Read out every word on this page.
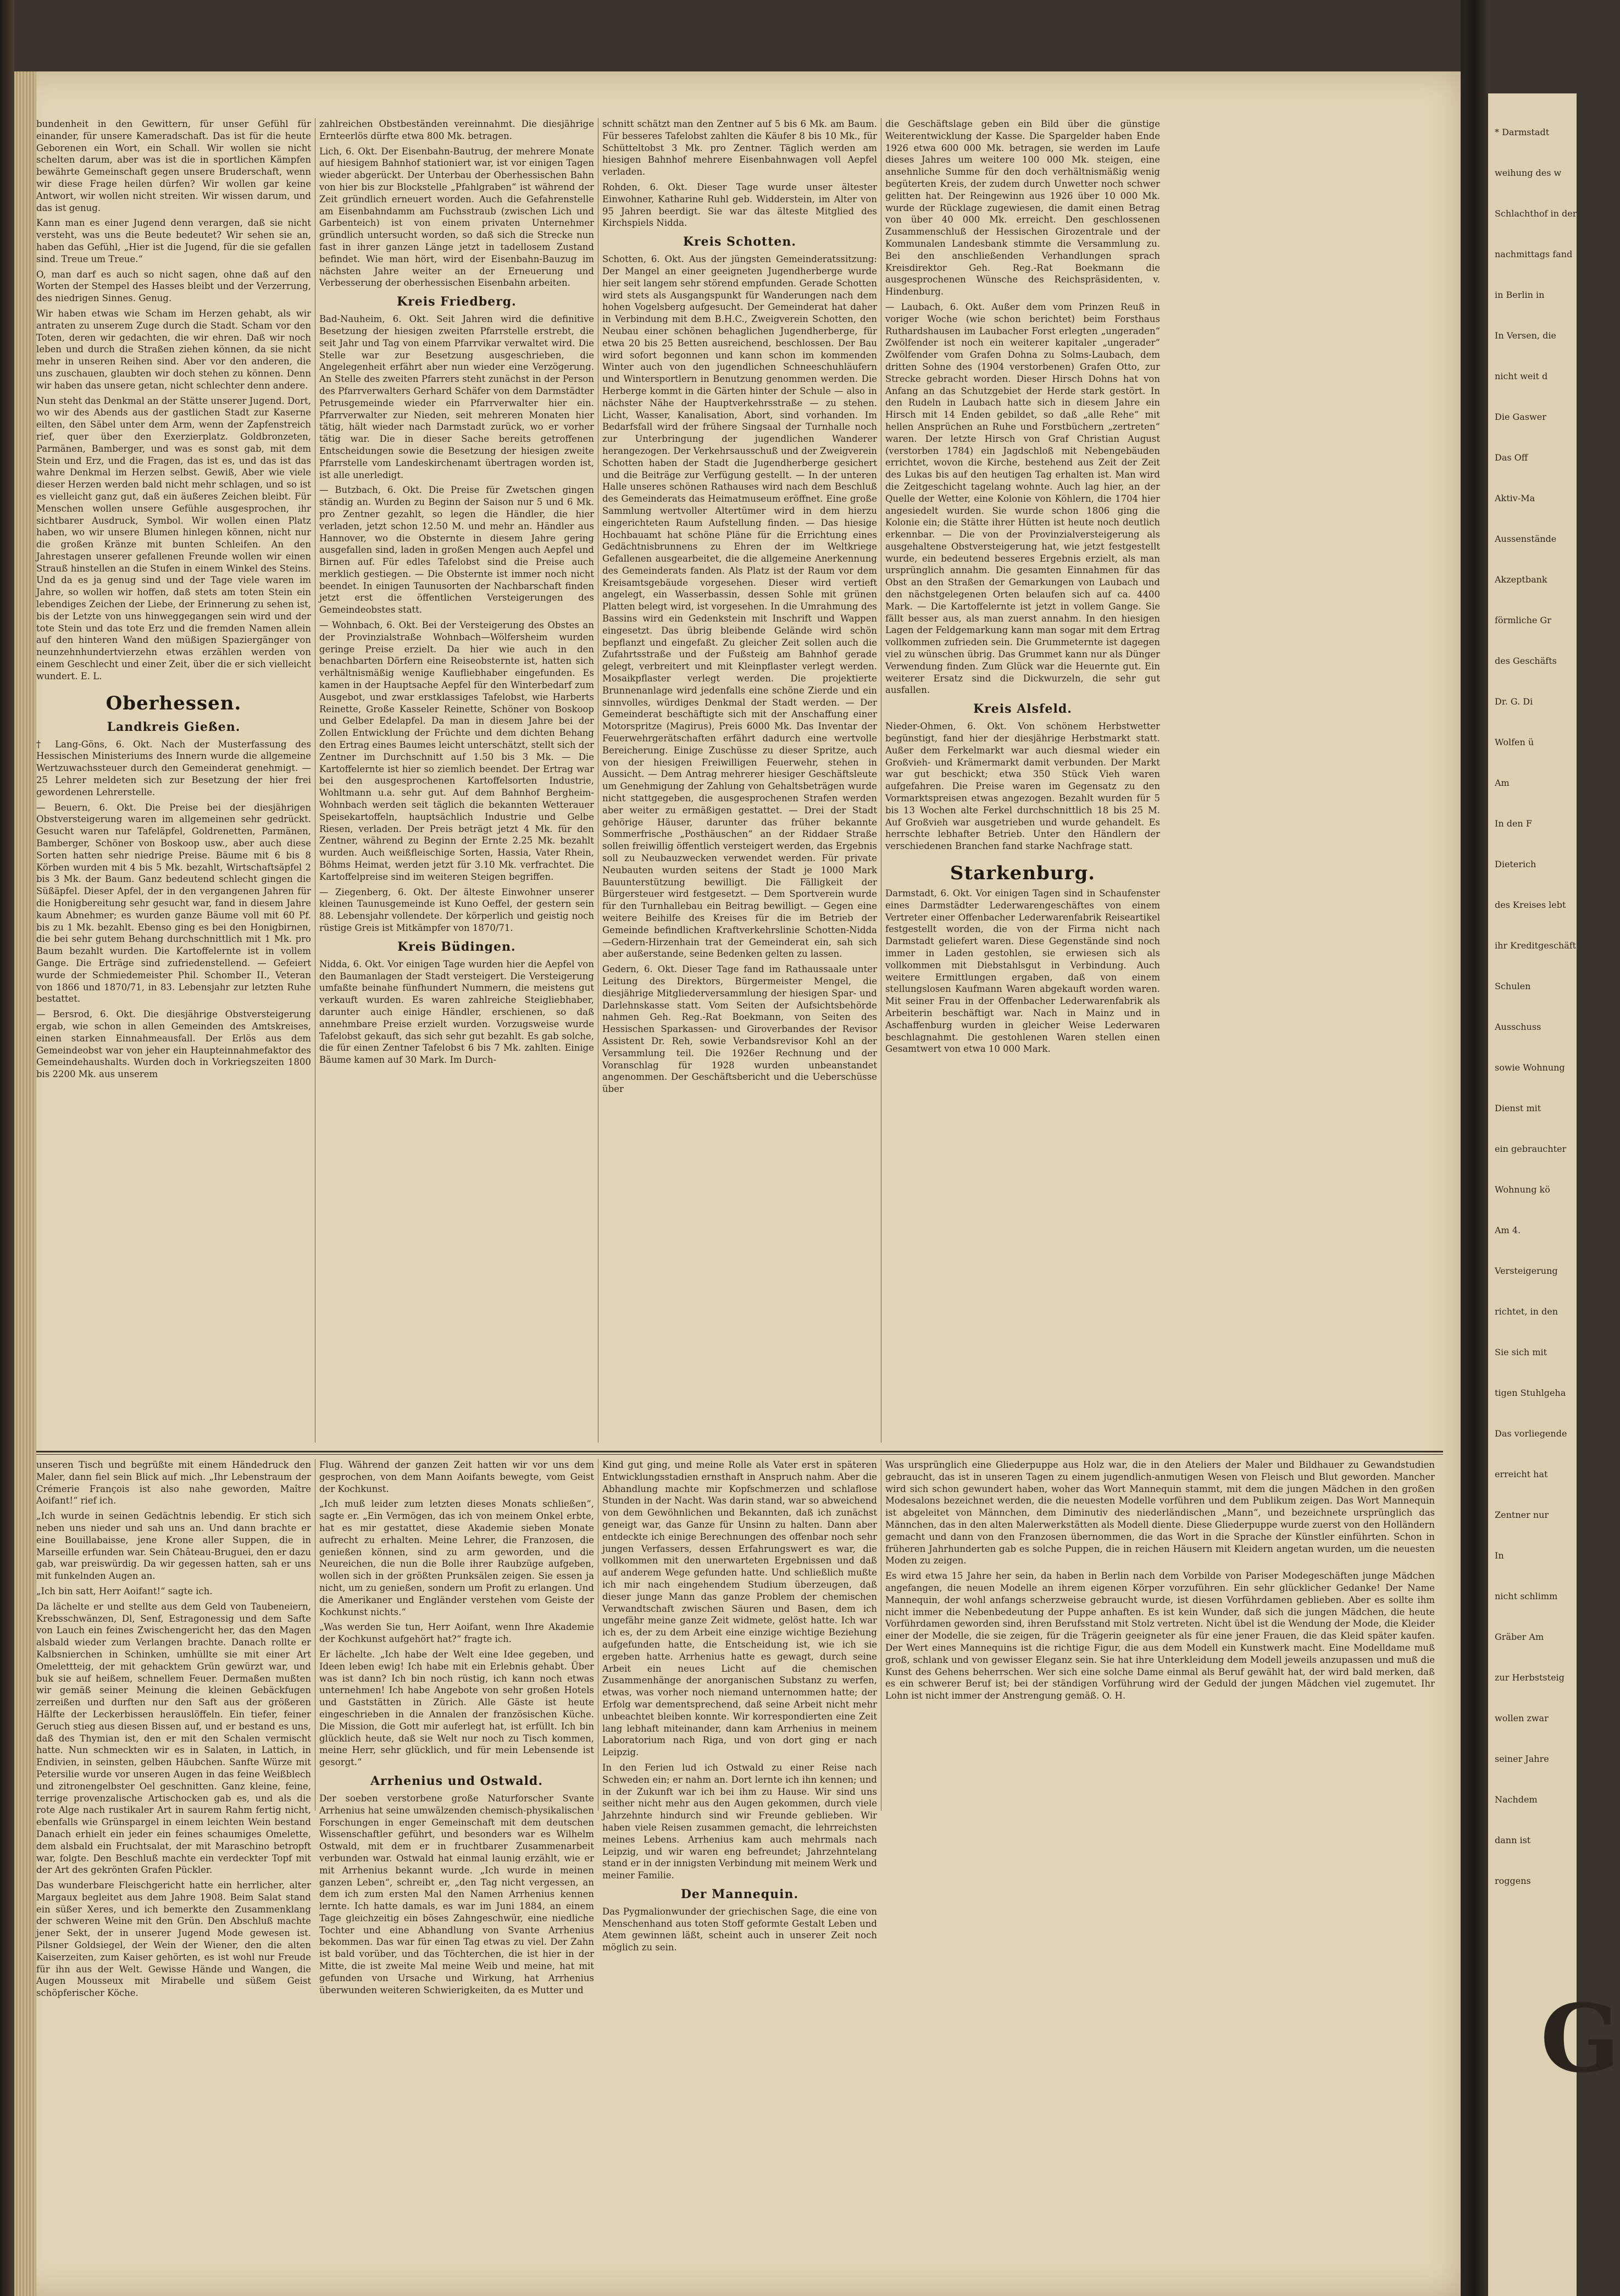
* Darmstadt
weihung des w
Schlachthof in der
nachmittags fand
in Berlin in
In Versen, die
nicht weit d
Die Gaswer
Das Off
Aktiv-Ma
Aussenstände
Akzeptbank
förmliche Gr
des Geschäfts
Dr. G. Di
Wolfen ü
Am
In den F
Dieterich
des Kreises lebt
ihr Kreditgeschäft
Schulen
Ausschuss
sowie Wohnung
Dienst mit
ein gebrauchter
Wohnung kö
Am 4.
Versteigerung
richtet, in den
Sie sich mit
tigen Stuhlgeha
Das vorliegende
erreicht hat
Zentner nur
In
nicht schlimm
Gräber Am
zur Herbststeig
wollen zwar
seiner Jahre
Nachdem
dann ist
roggens
G

bundenheit in den Gewittern, für unser Gefühl für einander, für unsere Kameradschaft. Das ist für die heute Geborenen ein Wort, ein Schall. Wir wollen sie nicht schelten darum, aber was ist die in sportlichen Kämpfen bewährte Gemeinschaft gegen unsere Bruderschaft, wenn wir diese Frage heilen dürfen? Wir wollen gar keine Antwort, wir wollen nicht streiten. Wir wissen darum, und das ist genug.

Kann man es einer Jugend denn verargen, daß sie nicht versteht, was uns die Beute bedeutet? Wir sehen sie an, haben das Gefühl, „Hier ist die Jugend, für die sie gefallen sind. Treue um Treue.“

O, man darf es auch so nicht sagen, ohne daß auf den Worten der Stempel des Hasses bleibt und der Verzerrung, des niedrigen Sinnes. Genug.

Wir haben etwas wie Scham im Herzen gehabt, als wir antraten zu unserem Zuge durch die Stadt. Scham vor den Toten, deren wir gedachten, die wir ehren. Daß wir noch leben und durch die Straßen ziehen können, da sie nicht mehr in unseren Reihen sind. Aber vor den anderen, die uns zuschauen, glaubten wir doch stehen zu können. Denn wir haben das unsere getan, nicht schlechter denn andere.

Nun steht das Denkmal an der Stätte unserer Jugend. Dort, wo wir des Abends aus der gastlichen Stadt zur Kaserne eilten, den Säbel unter dem Arm, wenn der Zapfenstreich rief, quer über den Exerzierplatz. Goldbronzeten, Parmänen, Bamberger, und was es sonst gab, mit dem Stein und Erz, und die Fragen, das ist es, und das ist das wahre Denkmal im Herzen selbst. Gewiß, Aber wie viele dieser Herzen werden bald nicht mehr schlagen, und so ist es vielleicht ganz gut, daß ein äußeres Zeichen bleibt. Für Menschen wollen unsere Gefühle ausgesprochen, ihr sichtbarer Ausdruck, Symbol. Wir wollen einen Platz haben, wo wir unsere Blumen hinlegen können, nicht nur die großen Kränze mit bunten Schleifen. An den Jahrestagen unserer gefallenen Freunde wollen wir einen Strauß hinstellen an die Stufen in einem Winkel des Steins. Und da es ja genug sind und der Tage viele waren im Jahre, so wollen wir hoffen, daß stets am toten Stein ein lebendiges Zeichen der Liebe, der Erinnerung zu sehen ist, bis der Letzte von uns hinweggegangen sein wird und der tote Stein und das tote Erz und die fremden Namen allein auf den hinteren Wand den müßigen Spaziergänger von neunzehnhundertvierzehn etwas erzählen werden von einem Geschlecht und einer Zeit, über die er sich vielleicht wundert. E. L.

Oberhessen.
Landkreis Gießen.

† Lang-Göns, 6. Okt. Nach der Musterfassung des Hessischen Ministeriums des Innern wurde die allgemeine Wertzuwachssteuer durch den Gemeinderat genehmigt. — 25 Lehrer meldeten sich zur Besetzung der hier frei gewordenen Lehrerstelle.

— Beuern, 6. Okt. Die Preise bei der diesjährigen Obstversteigerung waren im allgemeinen sehr gedrückt. Gesucht waren nur Tafeläpfel, Goldrenetten, Parmänen, Bamberger, Schöner von Boskoop usw., aber auch diese Sorten hatten sehr niedrige Preise. Bäume mit 6 bis 8 Körben wurden mit 4 bis 5 Mk. bezahlt, Wirtschaftsäpfel 2 bis 3 Mk. der Baum. Ganz bedeutend schlecht gingen die Süßäpfel. Dieser Apfel, der in den vergangenen Jahren für die Honigbereitung sehr gesucht war, fand in diesem Jahre kaum Abnehmer; es wurden ganze Bäume voll mit 60 Pf. bis zu 1 Mk. bezahlt. Ebenso ging es bei den Honigbirnen, die bei sehr gutem Behang durchschnittlich mit 1 Mk. pro Baum bezahlt wurden. Die Kartoffelernte ist in vollem Gange. Die Erträge sind zufriedenstellend. — Gefeiert wurde der Schmiedemeister Phil. Schomber II., Veteran von 1866 und 1870/71, in 83. Lebensjahr zur letzten Ruhe bestattet.

— Bersrod, 6. Okt. Die diesjährige Obstversteigerung ergab, wie schon in allen Gemeinden des Amtskreises, einen starken Einnahmeausfall. Der Erlös aus dem Gemeindeobst war von jeher ein Haupteinnahmefaktor des Gemeindehaushalts. Wurden doch in Vorkriegszeiten 1800 bis 2200 Mk. aus unserem

zahlreichen Obstbeständen vereinnahmt. Die diesjährige Ernteerlös dürfte etwa 800 Mk. betragen.

Lich, 6. Okt. Der Eisenbahn-Bautrug, der mehrere Monate auf hiesigem Bahnhof stationiert war, ist vor einigen Tagen wieder abgerückt. Der Unterbau der Oberhessischen Bahn von hier bis zur Blockstelle „Pfahlgraben“ ist während der Zeit gründlich erneuert worden. Auch die Gefahrenstelle am Eisenbahndamm am Fuchsstraub (zwischen Lich und Garbenteich) ist von einem privaten Unternehmer gründlich untersucht worden, so daß sich die Strecke nun fast in ihrer ganzen Länge jetzt in tadellosem Zustand befindet. Wie man hört, wird der Eisenbahn-Bauzug im nächsten Jahre weiter an der Erneuerung und Verbesserung der oberhessischen Eisenbahn arbeiten.

Kreis Friedberg.

Bad-Nauheim, 6. Okt. Seit Jahren wird die definitive Besetzung der hiesigen zweiten Pfarrstelle erstrebt, die seit Jahr und Tag von einem Pfarrvikar verwaltet wird. Die Stelle war zur Besetzung ausgeschrieben, die Angelegenheit erfährt aber nun wieder eine Verzögerung. An Stelle des zweiten Pfarrers steht zunächst in der Person des Pfarrverwalters Gerhard Schäfer von dem Darmstädter Petrusgemeinde wieder ein Pfarrverwalter hier ein. Pfarrverwalter zur Nieden, seit mehreren Monaten hier tätig, hält wieder nach Darmstadt zurück, wo er vorher tätig war. Die in dieser Sache bereits getroffenen Entscheidungen sowie die Besetzung der hiesigen zweite Pfarrstelle vom Landeskirchenamt übertragen worden ist, ist alle unerledigt.

— Butzbach, 6. Okt. Die Preise für Zwetschen gingen ständig an. Wurden zu Beginn der Saison nur 5 und 6 Mk. pro Zentner gezahlt, so legen die Händler, die hier verladen, jetzt schon 12.50 M. und mehr an. Händler aus Hannover, wo die Obsternte in diesem Jahre gering ausgefallen sind, laden in großen Mengen auch Aepfel und Birnen auf. Für edles Tafelobst sind die Preise auch merklich gestiegen. — Die Obsternte ist immer noch nicht beendet. In einigen Taunusorten der Nachbarschaft finden jetzt erst die öffentlichen Versteigerungen des Gemeindeobstes statt.

— Wohnbach, 6. Okt. Bei der Versteigerung des Obstes an der Provinzialstraße Wohnbach—Wölfersheim wurden geringe Preise erzielt. Da hier wie auch in den benachbarten Dörfern eine Reiseobsternte ist, hatten sich verhältnismäßig wenige Kaufliebhaber eingefunden. Es kamen in der Hauptsache Aepfel für den Winterbedarf zum Ausgebot, und zwar erstklassiges Tafelobst, wie Harberts Reinette, Große Kasseler Reinette, Schöner von Boskoop und Gelber Edelapfel. Da man in diesem Jahre bei der Zollen Entwicklung der Früchte und dem dichten Behang den Ertrag eines Baumes leicht unterschätzt, stellt sich der Zentner im Durchschnitt auf 1.50 bis 3 Mk. — Die Kartoffelernte ist hier so ziemlich beendet. Der Ertrag war bei den ausgesprochenen Kartoffelsorten Industrie, Wohltmann u.a. sehr gut. Auf dem Bahnhof Bergheim-Wohnbach werden seit täglich die bekannten Wetterauer Speisekartoffeln, hauptsächlich Industrie und Gelbe Riesen, verladen. Der Preis beträgt jetzt 4 Mk. für den Zentner, während zu Beginn der Ernte 2.25 Mk. bezahlt wurden. Auch weißfleischige Sorten, Hassia, Vater Rhein, Böhms Heimat, werden jetzt für 3.10 Mk. verfrachtet. Die Kartoffelpreise sind im weiteren Steigen begriffen.

— Ziegenberg, 6. Okt. Der älteste Einwohner unserer kleinen Taunusgemeinde ist Kuno Oeffel, der gestern sein 88. Lebensjahr vollendete. Der körperlich und geistig noch rüstige Greis ist Mitkämpfer von 1870/71.

Kreis Büdingen.

Nidda, 6. Okt. Vor einigen Tage wurden hier die Aepfel von den Baumanlagen der Stadt versteigert. Die Versteigerung umfaßte beinahe fünfhundert Nummern, die meistens gut verkauft wurden. Es waren zahlreiche Steigliebhaber, darunter auch einige Händler, erschienen, so daß annehmbare Preise erzielt wurden. Vorzugsweise wurde Tafelobst gekauft, das sich sehr gut bezahlt. Es gab solche, die für einen Zentner Tafelobst 6 bis 7 Mk. zahlten. Einige Bäume kamen auf 30 Mark. Im Durch-

schnitt schätzt man den Zentner auf 5 bis 6 Mk. am Baum. Für besseres Tafelobst zahlten die Käufer 8 bis 10 Mk., für Schütteltobst 3 Mk. pro Zentner. Täglich werden am hiesigen Bahnhof mehrere Eisenbahnwagen voll Aepfel verladen.

Rohden, 6. Okt. Dieser Tage wurde unser ältester Einwohner, Katharine Ruhl geb. Widderstein, im Alter von 95 Jahren beerdigt. Sie war das älteste Mitglied des Kirchspiels Nidda.

Kreis Schotten.

Schotten, 6. Okt. Aus der jüngsten Gemeinderatssitzung: Der Mangel an einer geeigneten Jugendherberge wurde hier seit langem sehr störend empfunden. Gerade Schotten wird stets als Ausgangspunkt für Wanderungen nach dem hohen Vogelsberg aufgesucht. Der Gemeinderat hat daher in Verbindung mit dem B.H.C., Zweigverein Schotten, den Neubau einer schönen behaglichen Jugendherberge, für etwa 20 bis 25 Betten ausreichend, beschlossen. Der Bau wird sofort begonnen und kann schon im kommenden Winter auch von den jugendlichen Schneeschuhläufern und Wintersportlern in Benutzung genommen werden. Die Herberge kommt in die Gärten hinter der Schule — also in nächster Nähe der Hauptverkehrsstraße — zu stehen. Licht, Wasser, Kanalisation, Abort, sind vorhanden. Im Bedarfsfall wird der frühere Singsaal der Turnhalle noch zur Unterbringung der jugendlichen Wanderer herangezogen. Der Verkehrsausschuß und der Zweigverein Schotten haben der Stadt die Jugendherberge gesichert und die Beiträge zur Verfügung gestellt. — In der unteren Halle unseres schönen Rathauses wird nach dem Beschluß des Gemeinderats das Heimatmuseum eröffnet. Eine große Sammlung wertvoller Altertümer wird in dem hierzu eingerichteten Raum Aufstellung finden. — Das hiesige Hochbauamt hat schöne Pläne für die Errichtung eines Gedächtnisbrunnens zu Ehren der im Weltkriege Gefallenen ausgearbeitet, die die allgemeine Anerkennung des Gemeinderats fanden. Als Platz ist der Raum vor dem Kreisamtsgebäude vorgesehen. Dieser wird vertieft angelegt, ein Wasserbassin, dessen Sohle mit grünen Platten belegt wird, ist vorgesehen. In die Umrahmung des Bassins wird ein Gedenkstein mit Inschrift und Wappen eingesetzt. Das übrig bleibende Gelände wird schön bepflanzt und eingefaßt. Zu gleicher Zeit sollen auch die Zufahrtsstraße und der Fußsteig am Bahnhof gerade gelegt, verbreitert und mit Kleinpflaster verlegt werden. Mosaikpflaster verlegt werden. Die projektierte Brunnenanlage wird jedenfalls eine schöne Zierde und ein sinnvolles, würdiges Denkmal der Stadt werden. — Der Gemeinderat beschäftigte sich mit der Anschaffung einer Motorspritze (Magirus), Preis 6000 Mk. Das Inventar der Feuerwehrgerätschaften erfährt dadurch eine wertvolle Bereicherung. Einige Zuschüsse zu dieser Spritze, auch von der hiesigen Freiwilligen Feuerwehr, stehen in Aussicht. — Dem Antrag mehrerer hiesiger Geschäftsleute um Genehmigung der Zahlung von Gehaltsbeträgen wurde nicht stattgegeben, die ausgesprochenen Strafen werden aber weiter zu ermäßigen gestattet. — Drei der Stadt gehörige Häuser, darunter das früher bekannte Sommerfrische „Posthäuschen“ an der Riddaer Straße sollen freiwillig öffentlich versteigert werden, das Ergebnis soll zu Neubauzwecken verwendet werden. Für private Neubauten wurden seitens der Stadt je 1000 Mark Bauunterstützung bewilligt. Die Fälligkeit der Bürgersteuer wird festgesetzt. — Dem Sportverein wurde für den Turnhallebau ein Beitrag bewilligt. — Gegen eine weitere Beihilfe des Kreises für die im Betrieb der Gemeinde befindlichen Kraftverkehrslinie Schotten-Nidda—Gedern-Hirzenhain trat der Gemeinderat ein, sah sich aber außerstande, seine Bedenken gelten zu lassen.

Gedern, 6. Okt. Dieser Tage fand im Rathaussaale unter Leitung des Direktors, Bürgermeister Mengel, die diesjährige Mitgliederversammlung der hiesigen Spar- und Darlehnskasse statt. Vom Seiten der Aufsichtsbehörde nahmen Geh. Reg.-Rat Boekmann, von Seiten des Hessischen Sparkassen- und Giroverbandes der Revisor Assistent Dr. Reh, sowie Verbandsrevisor Kohl an der Versammlung teil. Die 1926er Rechnung und der Voranschlag für 1928 wurden unbeanstandet angenommen. Der Geschäftsbericht und die Ueberschüsse über

die Geschäftslage geben ein Bild über die günstige Weiterentwicklung der Kasse. Die Spargelder haben Ende 1926 etwa 600 000 Mk. betragen, sie werden im Laufe dieses Jahres um weitere 100 000 Mk. steigen, eine ansehnliche Summe für den doch verhältnismäßig wenig begüterten Kreis, der zudem durch Unwetter noch schwer gelitten hat. Der Reingewinn aus 1926 über 10 000 Mk. wurde der Rücklage zugewiesen, die damit einen Betrag von über 40 000 Mk. erreicht. Den geschlossenen Zusammenschluß der Hessischen Girozentrale und der Kommunalen Landesbank stimmte die Versammlung zu. Bei den anschließenden Verhandlungen sprach Kreisdirektor Geh. Reg.-Rat Boekmann die ausgesprochenen Wünsche des Reichspräsidenten, v. Hindenburg.

— Laubach, 6. Okt. Außer dem vom Prinzen Reuß in voriger Woche (wie schon berichtet) beim Forsthaus Ruthardshausen im Laubacher Forst erlegten „ungeraden“ Zwölfender ist noch ein weiterer kapitaler „ungerader“ Zwölfender vom Grafen Dohna zu Solms-Laubach, dem dritten Sohne des (1904 verstorbenen) Grafen Otto, zur Strecke gebracht worden. Dieser Hirsch Dohns hat von Anfang an das Schutzgebiet der Herde stark gestört. In den Rudeln in Laubach hatte sich in diesem Jahre ein Hirsch mit 14 Enden gebildet, so daß „alle Rehe“ mit hellen Ansprüchen an Ruhe und Forstbüchern „zertreten“ waren. Der letzte Hirsch von Graf Christian August (verstorben 1784) ein Jagdschloß mit Nebengebäuden errichtet, wovon die Kirche, bestehend aus Zeit der Zeit des Lukas bis auf den heutigen Tag erhalten ist. Man wird die Zeitgeschicht tagelang wohnte. Auch lag hier, an der Quelle der Wetter, eine Kolonie von Köhlern, die 1704 hier angesiedelt wurden. Sie wurde schon 1806 ging die Kolonie ein; die Stätte ihrer Hütten ist heute noch deutlich erkennbar. — Die von der Provinzialversteigerung als ausgehaltene Obstversteigerung hat, wie jetzt festgestellt wurde, ein bedeutend besseres Ergebnis erzielt, als man ursprünglich annahm. Die gesamten Einnahmen für das Obst an den Straßen der Gemarkungen von Laubach und den nächstgelegenen Orten belaufen sich auf ca. 4400 Mark. — Die Kartoffelernte ist jetzt in vollem Gange. Sie fällt besser aus, als man zuerst annahm. In den hiesigen Lagen der Feldgemarkung kann man sogar mit dem Ertrag vollkommen zufrieden sein. Die Grummeternte ist dagegen viel zu wünschen übrig. Das Grummet kann nur als Dünger Verwendung finden. Zum Glück war die Heuernte gut. Ein weiterer Ersatz sind die Dickwurzeln, die sehr gut ausfallen.

Kreis Alsfeld.

Nieder-Ohmen, 6. Okt. Von schönem Herbstwetter begünstigt, fand hier der diesjährige Herbstmarkt statt. Außer dem Ferkelmarkt war auch diesmal wieder ein Großvieh- und Krämermarkt damit verbunden. Der Markt war gut beschickt; etwa 350 Stück Vieh waren aufgefahren. Die Preise waren im Gegensatz zu den Vormarktspreisen etwas angezogen. Bezahlt wurden für 5 bis 13 Wochen alte Ferkel durchschnittlich 18 bis 25 M. Auf Großvieh war ausgetrieben und wurde gehandelt. Es herrschte lebhafter Betrieb. Unter den Händlern der verschiedenen Branchen fand starke Nachfrage statt.

Starkenburg.

Darmstadt, 6. Okt. Vor einigen Tagen sind in Schaufenster eines Darmstädter Lederwarengeschäftes von einem Vertreter einer Offenbacher Lederwarenfabrik Reiseartikel festgestellt worden, die von der Firma nicht nach Darmstadt geliefert waren. Diese Gegenstände sind noch immer in Laden gestohlen, sie erwiesen sich als vollkommen mit Diebstahlsgut in Verbindung. Auch weitere Ermittlungen ergaben, daß von einem stellungslosen Kaufmann Waren abgekauft worden waren. Mit seiner Frau in der Offenbacher Lederwarenfabrik als Arbeiterin beschäftigt war. Nach in Mainz und in Aschaffenburg wurden in gleicher Weise Lederwaren beschlagnahmt. Die gestohlenen Waren stellen einen Gesamtwert von etwa 10 000 Mark.

unseren Tisch und begrüßte mit einem Händedruck den Maler, dann fiel sein Blick auf mich. „Ihr Lebenstraum der Crémerie François ist also nahe geworden, Maître Aoifant!“ rief ich.

„Ich wurde in seinen Gedächtnis lebendig. Er stich sich neben uns nieder und sah uns an. Und dann brachte er eine Bouillabaisse, jene Krone aller Suppen, die in Marseille erfunden war. Sein Château-Bruguei, den er dazu gab, war preiswürdig. Da wir gegessen hatten, sah er uns mit funkelnden Augen an.

„Ich bin satt, Herr Aoifant!“ sagte ich.

Da lächelte er und stellte aus dem Geld von Taubeneiern, Krebsschwänzen, Dl, Senf, Estragonessig und dem Safte von Lauch ein feines Zwischengericht her, das den Magen alsbald wieder zum Verlangen brachte. Danach rollte er Kalbsnierchen in Schinken, umhüllte sie mit einer Art Omelettteig, der mit gehacktem Grün gewürzt war, und buk sie auf heißem, schnellem Feuer. Dermaßen mußten wir gemäß seiner Meinung die kleinen Gebäckfugen zerreißen und durften nur den Saft aus der größeren Hälfte der Leckerbissen herauslöffeln. Ein tiefer, feiner Geruch stieg aus diesen Bissen auf, und er bestand es uns, daß des Thymian ist, den er mit den Schalen vermischt hatte. Nun schmeckten wir es in Salaten, in Lattich, in Endivien, in seinsten, gelben Häubchen. Sanfte Würze mit Petersilie wurde vor unseren Augen in das feine Weißblech und zitronengelbster Oel geschnitten. Ganz kleine, feine, terrige provenzalische Artischocken gab es, und als die rote Alge nach rustikaler Art in saurem Rahm fertig nicht, ebenfalls wie Grünspargel in einem leichten Wein bestand Danach erhielt ein jeder ein feines schaumiges Omelette, dem alsbald ein Fruchtsalat, der mit Maraschino betropft war, folgte. Den Beschluß machte ein verdeckter Topf mit der Art des gekrönten Grafen Pückler.

Das wunderbare Fleischgericht hatte ein herrlicher, alter Margaux begleitet aus dem Jahre 1908. Beim Salat stand ein süßer Xeres, und ich bemerkte den Zusammenklang der schweren Weine mit den Grün. Den Abschluß machte jener Sekt, der in unserer Jugend Mode gewesen ist. Pilsner Goldsiegel, der Wein der Wiener, den die alten Kaiserzeiten, zum Kaiser gehörten, es ist wohl nur Freude für ihn aus der Welt. Gewisse Hände und Wangen, die Augen Mousseux mit Mirabelle und süßem Geist schöpferischer Köche.

Flug. Während der ganzen Zeit hatten wir vor uns dem gesprochen, von dem Mann Aoifants bewegte, vom Geist der Kochkunst.

„Ich muß leider zum letzten dieses Monats schließen“, sagte er. „Ein Vermögen, das ich von meinem Onkel erbte, hat es mir gestattet, diese Akademie sieben Monate aufrecht zu erhalten. Meine Lehrer, die Franzosen, die genießen können, sind zu arm geworden, und die Neureichen, die nun die Bolle ihrer Raubzüge aufgeben, wollen sich in der größten Prunksälen zeigen. Sie essen ja nicht, um zu genießen, sondern um Profit zu erlangen. Und die Amerikaner und Engländer verstehen vom Geiste der Kochkunst nichts.“

„Was werden Sie tun, Herr Aoifant, wenn Ihre Akademie der Kochkunst aufgehört hat?“ fragte ich.

Er lächelte. „Ich habe der Welt eine Idee gegeben, und Ideen leben ewig! Ich habe mit ein Erlebnis gehabt. Über was ist dann? Ich bin noch rüstig, ich kann noch etwas unternehmen! Ich habe Angebote von sehr großen Hotels und Gaststätten in Zürich. Alle Gäste ist heute eingeschrieben in die Annalen der französischen Küche. Die Mission, die Gott mir auferlegt hat, ist erfüllt. Ich bin glücklich heute, daß sie Welt nur noch zu Tisch kommen, meine Herr, sehr glücklich, und für mein Lebensende ist gesorgt.“

Arrhenius und Ostwald.

Der soeben verstorbene große Naturforscher Svante Arrhenius hat seine umwälzenden chemisch-physikalischen Forschungen in enger Gemeinschaft mit dem deutschen Wissenschaftler geführt, und besonders war es Wilhelm Ostwald, mit dem er in fruchtbarer Zusammenarbeit verbunden war. Ostwald hat einmal launig erzählt, wie er mit Arrhenius bekannt wurde. „Ich wurde in meinen ganzen Leben“, schreibt er, „den Tag nicht vergessen, an dem ich zum ersten Mal den Namen Arrhenius kennen lernte. Ich hatte damals, es war im Juni 1884, an einem Tage gleichzeitig ein böses Zahngeschwür, eine niedliche Tochter und eine Abhandlung von Svante Arrhenius bekommen. Das war für einen Tag etwas zu viel. Der Zahn ist bald vorüber, und das Töchterchen, die ist hier in der Mitte, die ist zweite Mal meine Weib und meine, hat mit gefunden von Ursache und Wirkung, hat Arrhenius überwunden weiteren Schwierigkeiten, da es Mutter und

Kind gut ging, und meine Rolle als Vater erst in späteren Entwicklungsstadien ernsthaft in Anspruch nahm. Aber die Abhandlung machte mir Kopfschmerzen und schlaflose Stunden in der Nacht. Was darin stand, war so abweichend von dem Gewöhnlichen und Bekannten, daß ich zunächst geneigt war, das Ganze für Unsinn zu halten. Dann aber entdeckte ich einige Berechnungen des offenbar noch sehr jungen Verfassers, dessen Erfahrungswert es war, die vollkommen mit den unerwarteten Ergebnissen und daß auf anderem Wege gefunden hatte. Und schließlich mußte ich mir nach eingehendem Studium überzeugen, daß dieser junge Mann das ganze Problem der chemischen Verwandtschaft zwischen Säuren und Basen, dem ich ungefähr meine ganze Zeit widmete, gelöst hatte. Ich war ich es, der zu dem Arbeit eine einzige wichtige Beziehung aufgefunden hatte, die Entscheidung ist, wie ich sie ergeben hatte. Arrhenius hatte es gewagt, durch seine Arbeit ein neues Licht auf die chemischen Zusammenhänge der anorganischen Substanz zu werfen, etwas, was vorher noch niemand unternommen hatte; der Erfolg war dementsprechend, daß seine Arbeit nicht mehr unbeachtet bleiben konnte. Wir korrespondierten eine Zeit lang lebhaft miteinander, dann kam Arrhenius in meinem Laboratorium nach Riga, und von dort ging er nach Leipzig.

In den Ferien lud ich Ostwald zu einer Reise nach Schweden ein; er nahm an. Dort lernte ich ihn kennen; und in der Zukunft war ich bei ihm zu Hause. Wir sind uns seither nicht mehr aus den Augen gekommen, durch viele Jahrzehnte hindurch sind wir Freunde geblieben. Wir haben viele Reisen zusammen gemacht, die lehrreichsten meines Lebens. Arrhenius kam auch mehrmals nach Leipzig, und wir waren eng befreundet; Jahrzehntelang stand er in der innigsten Verbindung mit meinem Werk und meiner Familie.

Der Mannequin.

Das Pygmalionwunder der griechischen Sage, die eine von Menschenhand aus toten Stoff geformte Gestalt Leben und Atem gewinnen läßt, scheint auch in unserer Zeit noch möglich zu sein.

Was ursprünglich eine Gliederpuppe aus Holz war, die in den Ateliers der Maler und Bildhauer zu Gewandstudien gebraucht, das ist in unseren Tagen zu einem jugendlich-anmutigen Wesen von Fleisch und Blut geworden. Mancher wird sich schon gewundert haben, woher das Wort Mannequin stammt, mit dem die jungen Mädchen in den großen Modesalons bezeichnet werden, die die neuesten Modelle vorführen und dem Publikum zeigen. Das Wort Mannequin ist abgeleitet von Männchen, dem Diminutiv des niederländischen „Mann“, und bezeichnete ursprünglich das Männchen, das in den alten Malerwerkstätten als Modell diente. Diese Gliederpuppe wurde zuerst von den Holländern gemacht und dann von den Franzosen übernommen, die das Wort in die Sprache der Künstler einführten. Schon in früheren Jahrhunderten gab es solche Puppen, die in reichen Häusern mit Kleidern angetan wurden, um die neuesten Moden zu zeigen.

Es wird etwa 15 Jahre her sein, da haben in Berlin nach dem Vorbilde von Pariser Modegeschäften junge Mädchen angefangen, die neuen Modelle an ihrem eigenen Körper vorzuführen. Ein sehr glücklicher Gedanke! Der Name Mannequin, der wohl anfangs scherzweise gebraucht wurde, ist diesen Vorführdamen geblieben. Aber es sollte ihm nicht immer die Nebenbedeutung der Puppe anhaften. Es ist kein Wunder, daß sich die jungen Mädchen, die heute Vorführdamen geworden sind, ihren Berufsstand mit Stolz vertreten. Nicht übel ist die Wendung der Mode, die Kleider einer der Modelle, die sie zeigen, für die Trägerin geeigneter als für eine jener Frauen, die das Kleid später kaufen. Der Wert eines Mannequins ist die richtige Figur, die aus dem Modell ein Kunstwerk macht. Eine Modelldame muß groß, schlank und von gewisser Eleganz sein. Sie hat ihre Unterkleidung dem Modell jeweils anzupassen und muß die Kunst des Gehens beherrschen. Wer sich eine solche Dame einmal als Beruf gewählt hat, der wird bald merken, daß es ein schwerer Beruf ist; bei der ständigen Vorführung wird der Geduld der jungen Mädchen viel zugemutet. Ihr Lohn ist nicht immer der Anstrengung gemäß. O. H.
